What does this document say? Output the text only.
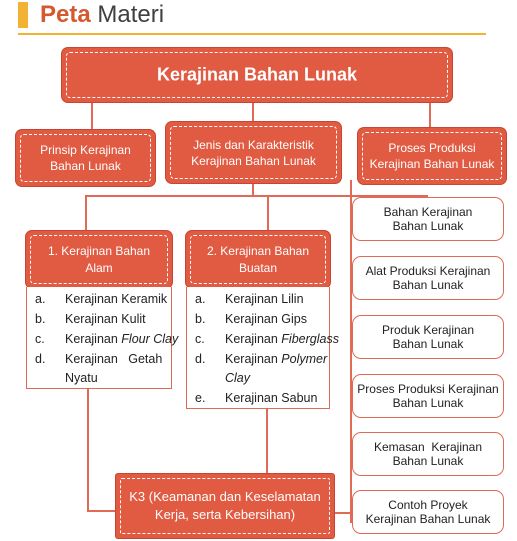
Peta Materi
Kerajinan Bahan Lunak
Prinsip Kerajinan
Bahan Lunak
Jenis dan Karakteristik
Kerajinan Bahan Lunak
Proses Produksi
Kerajinan Bahan Lunak
1. Kerajinan Bahan
Alam
a. Kerajinan Keramik
b. Kerajinan Kulit
c. Kerajinan Flour Clay
d. Kerajinan   Getah
Nyatu
2. Kerajinan Bahan
Buatan
a. Kerajinan Lilin
b. Kerajinan Gips
c. Kerajinan Fiberglass
d. Kerajinan Polymer
Clay
e. Kerajinan Sabun
Bahan Kerajinan
Bahan Lunak
Alat Produksi Kerajinan
Bahan Lunak
Produk Kerajinan
Bahan Lunak
Proses Produksi Kerajinan
Bahan Lunak
Kemasan  Kerajinan
Bahan Lunak
Contoh Proyek
Kerajinan Bahan Lunak
K3 (Keamanan dan Keselamatan
Kerja, serta Kebersihan)
